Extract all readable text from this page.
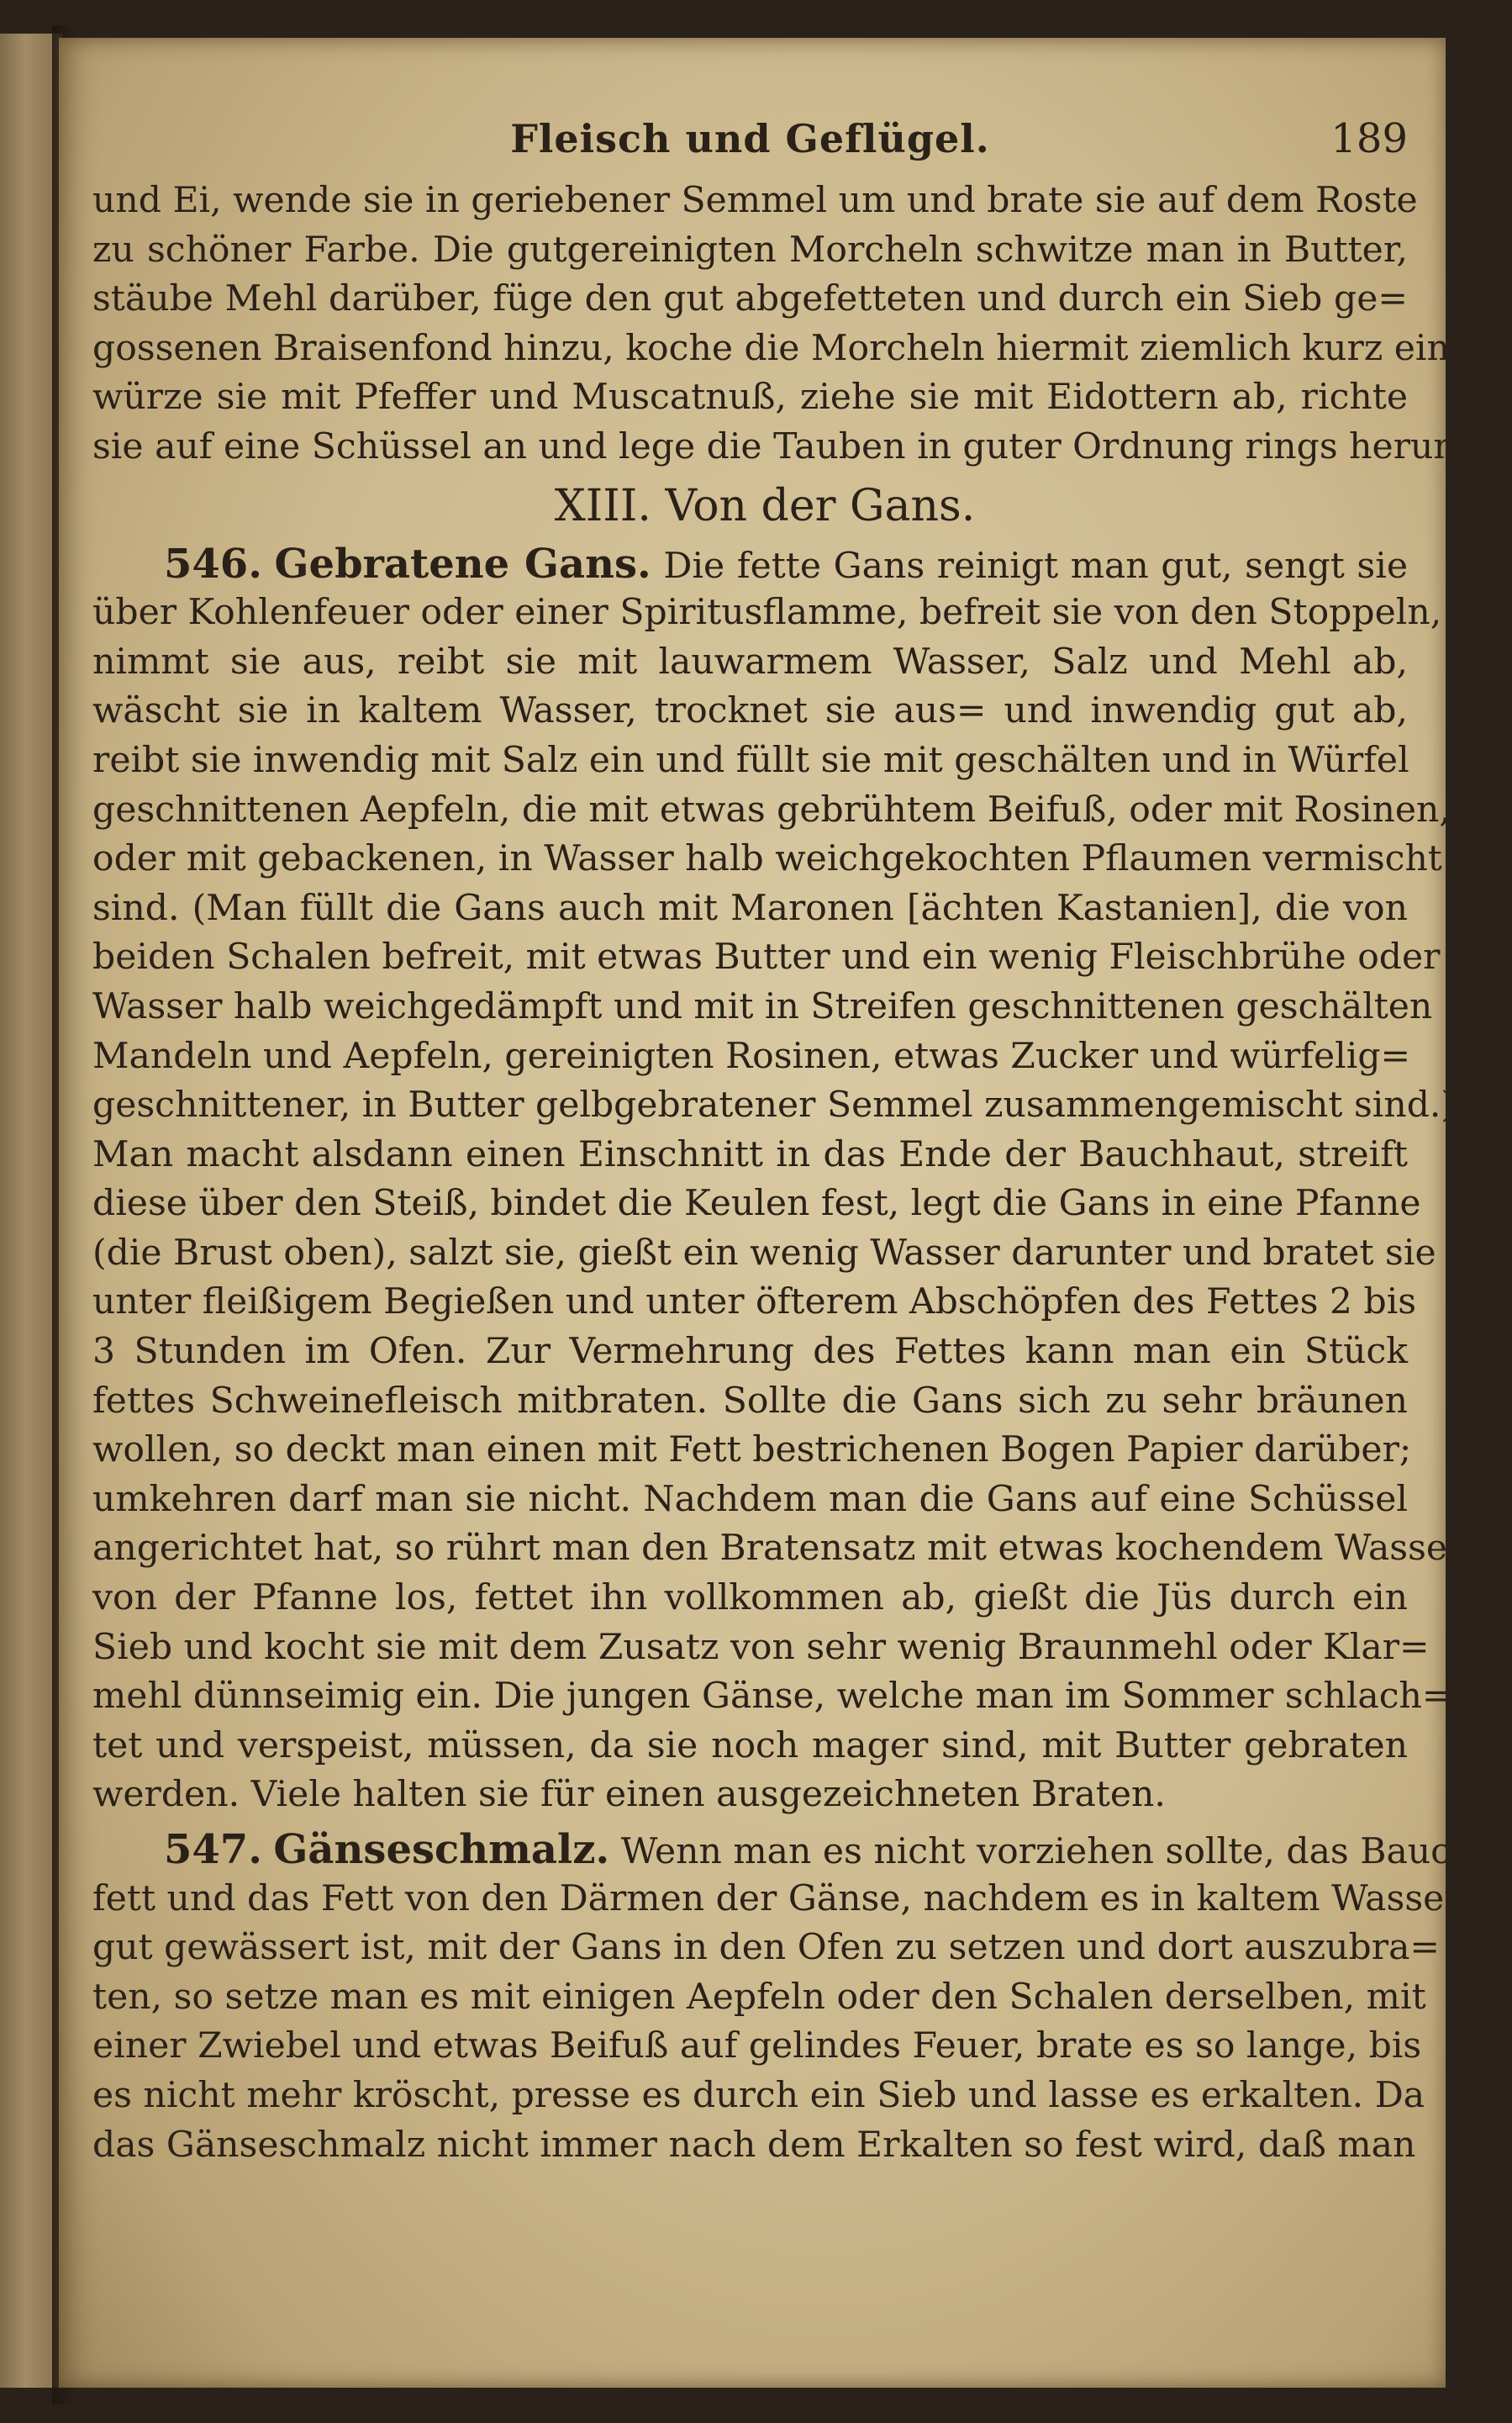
Fleisch und Geflügel.	189
und Ei, wende sie in geriebener Semmel um und brate sie auf dem Roste
zu schöner Farbe. Die gutgereinigten Morcheln schwitze man in Butter,
stäube Mehl darüber, füge den gut abgefetteten und durch ein Sieb ge=
gossenen Braisenfond hinzu, koche die Morcheln hiermit ziemlich kurz ein,
würze sie mit Pfeffer und Muscatnuß, ziehe sie mit Eidottern ab, richte
sie auf eine Schüssel an und lege die Tauben in guter Ordnung rings herum.
XIII. Von der Gans.
546. Gebratene Gans. Die fette Gans reinigt man gut, sengt sie
über Kohlenfeuer oder einer Spiritusflamme, befreit sie von den Stoppeln,
nimmt sie aus, reibt sie mit lauwarmem Wasser, Salz und Mehl ab,
wäscht sie in kaltem Wasser, trocknet sie aus= und inwendig gut ab,
reibt sie inwendig mit Salz ein und füllt sie mit geschälten und in Würfel
geschnittenen Aepfeln, die mit etwas gebrühtem Beifuß, oder mit Rosinen,
oder mit gebackenen, in Wasser halb weichgekochten Pflaumen vermischt
sind. (Man füllt die Gans auch mit Maronen [ächten Kastanien], die von
beiden Schalen befreit, mit etwas Butter und ein wenig Fleischbrühe oder
Wasser halb weichgedämpft und mit in Streifen geschnittenen geschälten
Mandeln und Aepfeln, gereinigten Rosinen, etwas Zucker und würfelig=
geschnittener, in Butter gelbgebratener Semmel zusammengemischt sind.)
Man macht alsdann einen Einschnitt in das Ende der Bauchhaut, streift
diese über den Steiß, bindet die Keulen fest, legt die Gans in eine Pfanne
(die Brust oben), salzt sie, gießt ein wenig Wasser darunter und bratet sie
unter fleißigem Begießen und unter öfterem Abschöpfen des Fettes 2 bis
3 Stunden im Ofen. Zur Vermehrung des Fettes kann man ein Stück
fettes Schweinefleisch mitbraten. Sollte die Gans sich zu sehr bräunen
wollen, so deckt man einen mit Fett bestrichenen Bogen Papier darüber;
umkehren darf man sie nicht. Nachdem man die Gans auf eine Schüssel
angerichtet hat, so rührt man den Bratensatz mit etwas kochendem Wasser
von der Pfanne los, fettet ihn vollkommen ab, gießt die Jüs durch ein
Sieb und kocht sie mit dem Zusatz von sehr wenig Braunmehl oder Klar=
mehl dünnseimig ein. Die jungen Gänse, welche man im Sommer schlach=
tet und verspeist, müssen, da sie noch mager sind, mit Butter gebraten
werden. Viele halten sie für einen ausgezeichneten Braten.
547. Gänseschmalz. Wenn man es nicht vorziehen sollte, das Bauch=
fett und das Fett von den Därmen der Gänse, nachdem es in kaltem Wasser
gut gewässert ist, mit der Gans in den Ofen zu setzen und dort auszubra=
ten, so setze man es mit einigen Aepfeln oder den Schalen derselben, mit
einer Zwiebel und etwas Beifuß auf gelindes Feuer, brate es so lange, bis
es nicht mehr kröscht, presse es durch ein Sieb und lasse es erkalten. Da
das Gänseschmalz nicht immer nach dem Erkalten so fest wird, daß man
